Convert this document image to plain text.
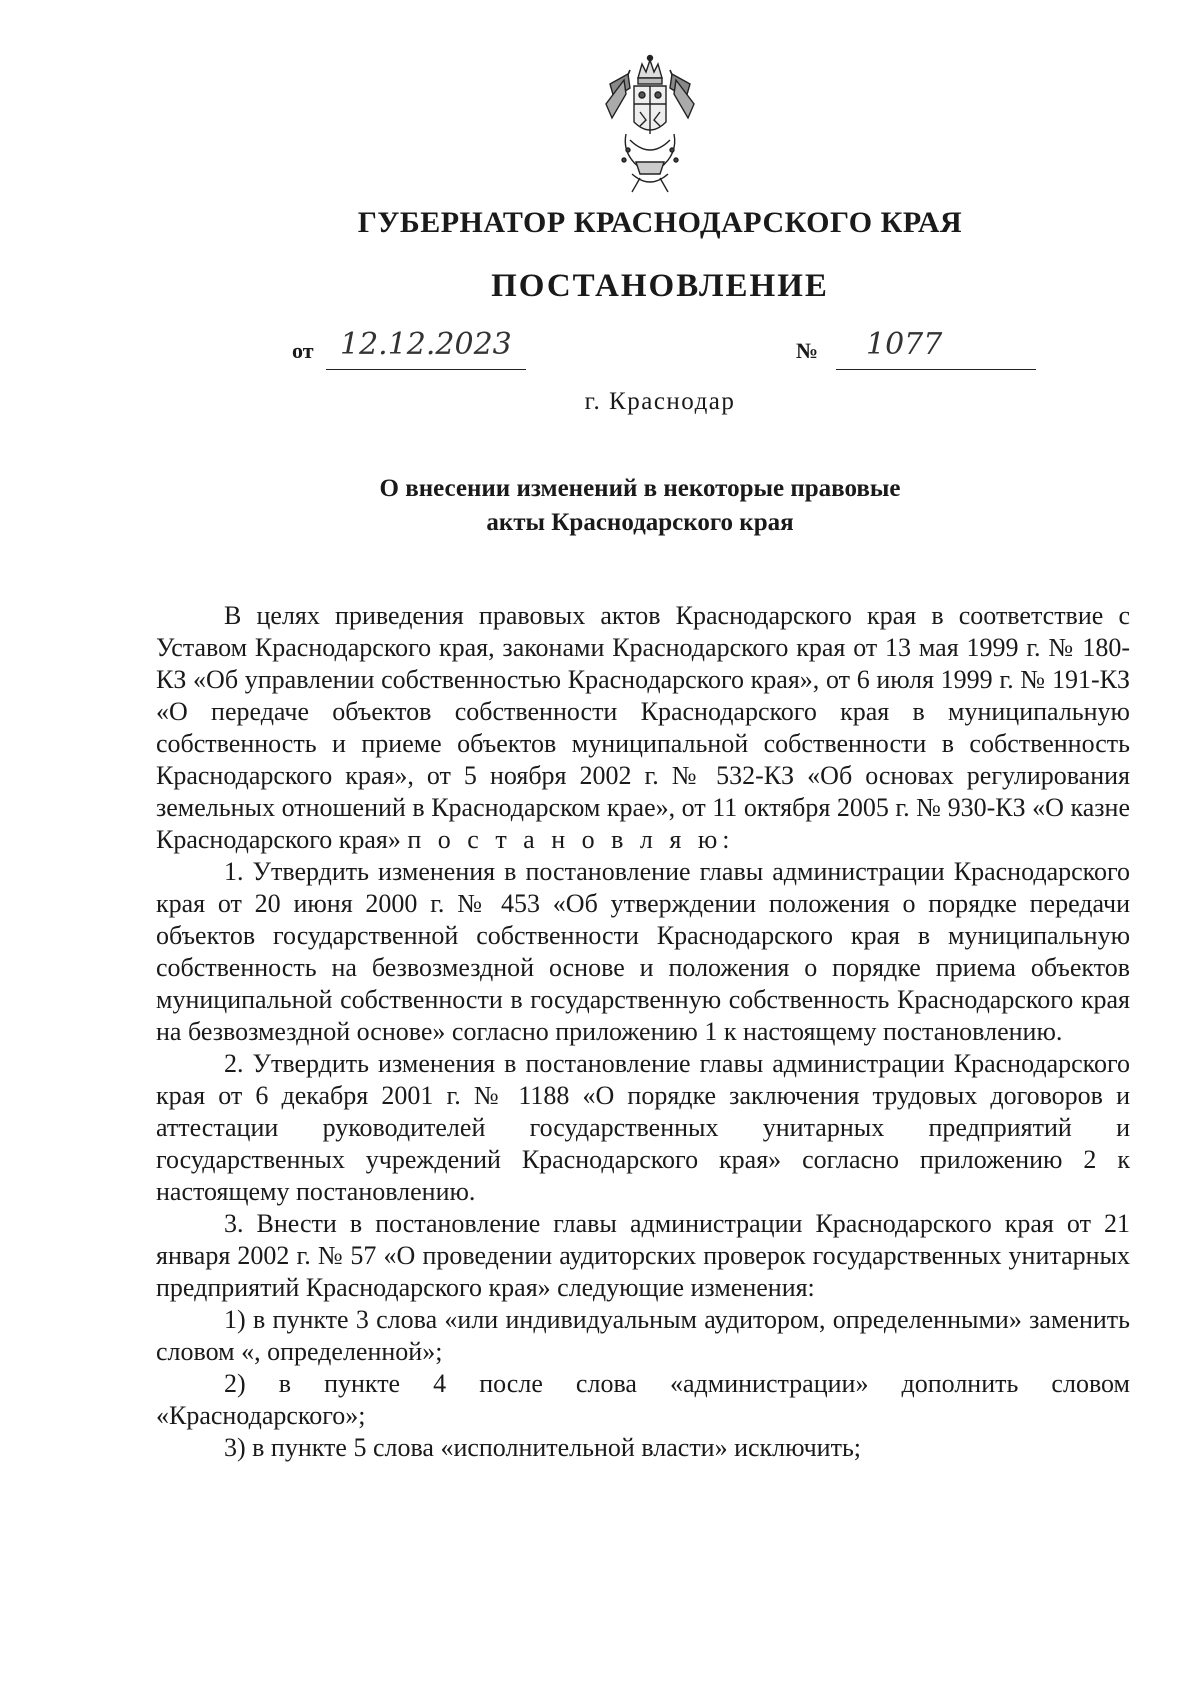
ГУБЕРНАТОР КРАСНОДАРСКОГО КРАЯ
ПОСТАНОВЛЕНИЕ
от 12.12.2023	№	1077
г. Краснодар
О внесении изменений в некоторые правовые
акты Краснодарского края

В целях приведения правовых актов Краснодарского края в соответствие с Уставом Краснодарского края, законами Краснодарского края от 13 мая 1999 г. № 180-КЗ «Об управлении собственностью Краснодарского края», от 6 июля 1999 г. № 191-КЗ «О передаче объектов собственности Краснодарского края в муниципальную собственность и приеме объектов муниципальной собственности в собственность Краснодарского края», от 5 ноября 2002 г. № 532-КЗ «Об основах регулирования земельных отношений в Краснодарском крае», от 11 октября 2005 г. № 930-КЗ «О казне Краснодарского края» п о с т а н о в л я ю:

1. Утвердить изменения в постановление главы администрации Краснодарского края от 20 июня 2000 г. № 453 «Об утверждении положения о порядке передачи объектов государственной собственности Краснодарского края в муниципальную собственность на безвозмездной основе и положения о порядке приема объектов муниципальной собственности в государственную собственность Краснодарского края на безвозмездной основе» согласно приложению 1 к настоящему постановлению.

2. Утвердить изменения в постановление главы администрации Краснодарского края от 6 декабря 2001 г. № 1188 «О порядке заключения трудовых договоров и аттестации руководителей государственных унитарных предприятий и государственных учреждений Краснодарского края» согласно приложению 2 к настоящему постановлению.

3. Внести в постановление главы администрации Краснодарского края от 21 января 2002 г. № 57 «О проведении аудиторских проверок государственных унитарных предприятий Краснодарского края» следующие изменения:

1) в пункте 3 слова «или индивидуальным аудитором, определенными» заменить словом «, определенной»;

2) в пункте 4 после слова «администрации» дополнить словом «Краснодарского»;

3) в пункте 5 слова «исполнительной власти» исключить;
